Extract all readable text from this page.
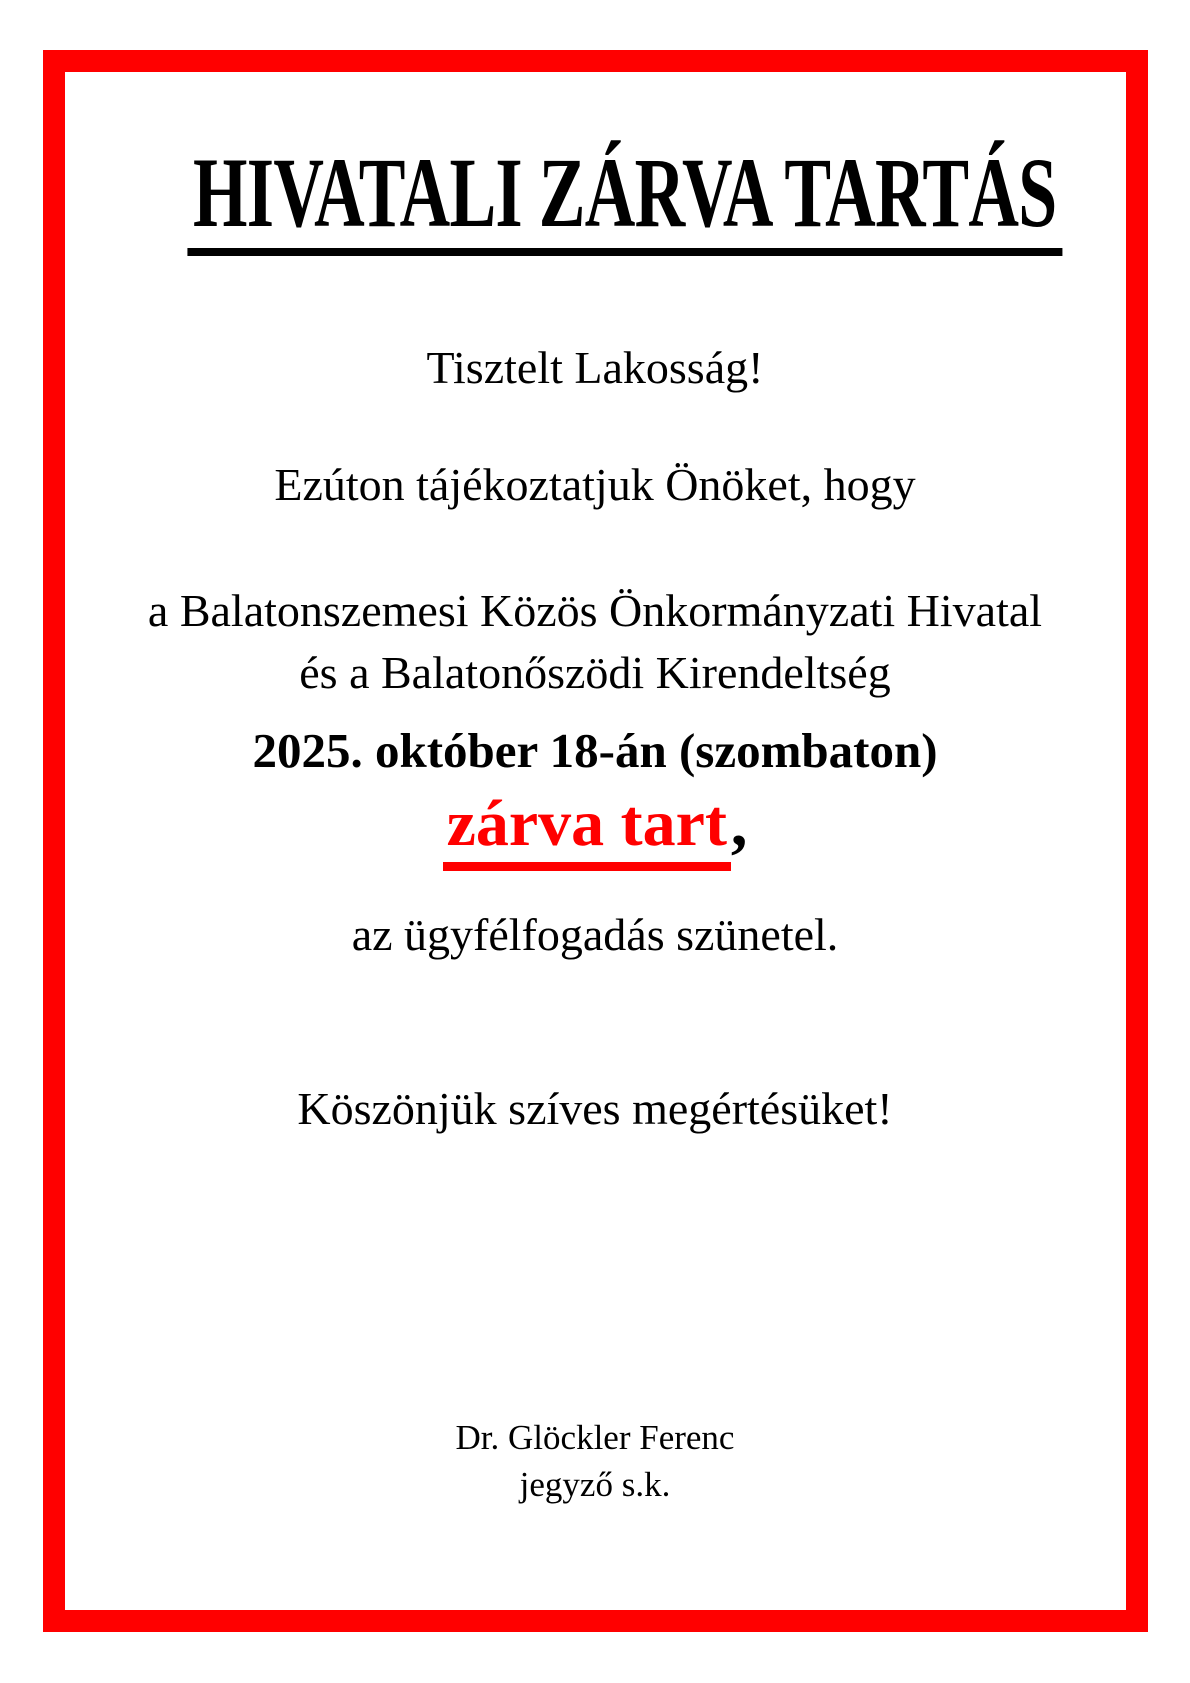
HIVATALI ZÁRVA TARTÁS
Tisztelt Lakosság!
Ezúton tájékoztatjuk Önöket, hogy
a Balatonszemesi Közös Önkormányzati Hivatal
és a Balatonőszödi Kirendeltség
2025. október 18-án (szombaton)
zárva tart,
az ügyfélfogadás szünetel.
Köszönjük szíves megértésüket!
Dr. Glöckler Ferenc
jegyző s.k.
